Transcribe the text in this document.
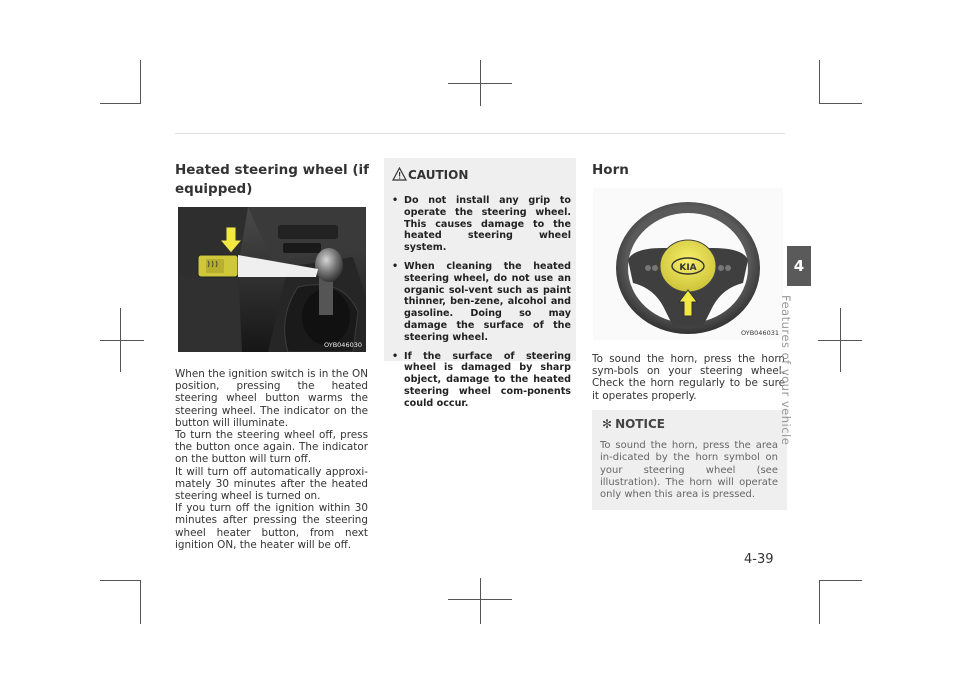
Heated steering wheel (if equipped)
OYB046030

When the ignition switch is in the ON position, pressing the heated steering wheel button warms the steering wheel. The indicator on the button will illuminate.

To turn the steering wheel off, press the button once again. The indicator on the button will turn off.

It will turn off automatically approxi-mately 30 minutes after the heated steering wheel is turned on.

If you turn off the ignition within 30 minutes after pressing the steering wheel heater button, from next ignition ON, the heater will be off.

CAUTION
• Do not install any grip to operate the steering wheel. This causes damage to the heated steering wheel system.
• When cleaning the heated steering wheel, do not use an organic sol-vent such as paint thinner, ben-zene, alcohol and gasoline. Doing so may damage the surface of the steering wheel.
• If the surface of steering wheel is damaged by sharp object, damage to the heated steering wheel com-ponents could occur.
Horn
KIA
OYB046031

To sound the horn, press the horn sym-bols on your steering wheel. Check the horn regularly to be sure it operates properly.

✻ NOTICE

To sound the horn, press the area in-dicated by the horn symbol on your steering wheel (see illustration). The horn will operate only when this area is pressed.

4
Features of your vehicle
4-39
